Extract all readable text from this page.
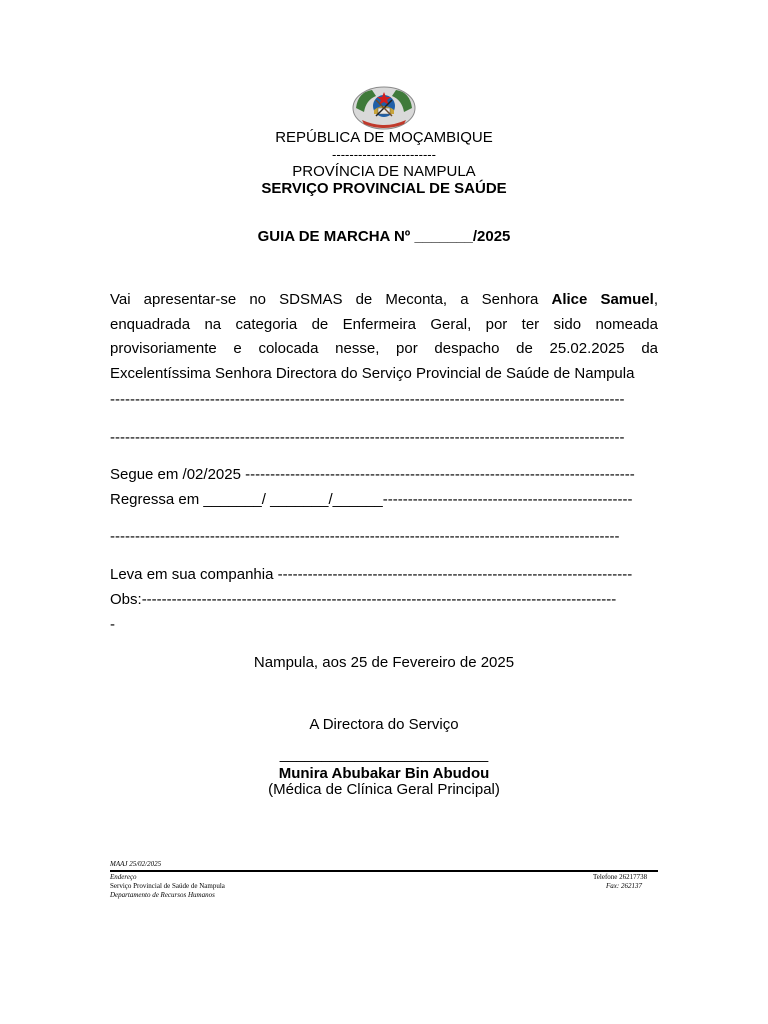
REPÚBLICA DE MOÇAMBIQUE
------------------------
PROVÍNCIA DE NAMPULA
SERVIÇO PROVINCIAL DE SAÚDE
GUIA DE MARCHA Nº _______/2025
Vai apresentar-se no SDSMAS de Meconta, a Senhora Alice Samuel, enquadrada na categoria de Enfermeira Geral, por ter sido nomeada provisoriamente e colocada nesse, por despacho de 25.02.2025 da Excelentíssima Senhora Directora do Serviço Provincial de Saúde de Nampula
-------------------------------------------------------------------------------------------------------
-------------------------------------------------------------------------------------------------------
Segue em /02/2025 ------------------------------------------------------------------------------
Regressa em _______/ _______/______--------------------------------------------------
------------------------------------------------------------------------------------------------------
Leva em sua companhia -----------------------------------------------------------------------
Obs:-----------------------------------------------------------------------------------------------
-
Nampula, aos 25 de Fevereiro de 2025
A Directora do Serviço
_________________________
Munira Abubakar Bin Abudou
(Médica de Clínica Geral Principal)
MAAJ 25/02/2025
Endereço
Serviço Provincial de Saúde de Nampula
Departamento de Recursos Humanos
Telefone 26217738
Fax: 262137
